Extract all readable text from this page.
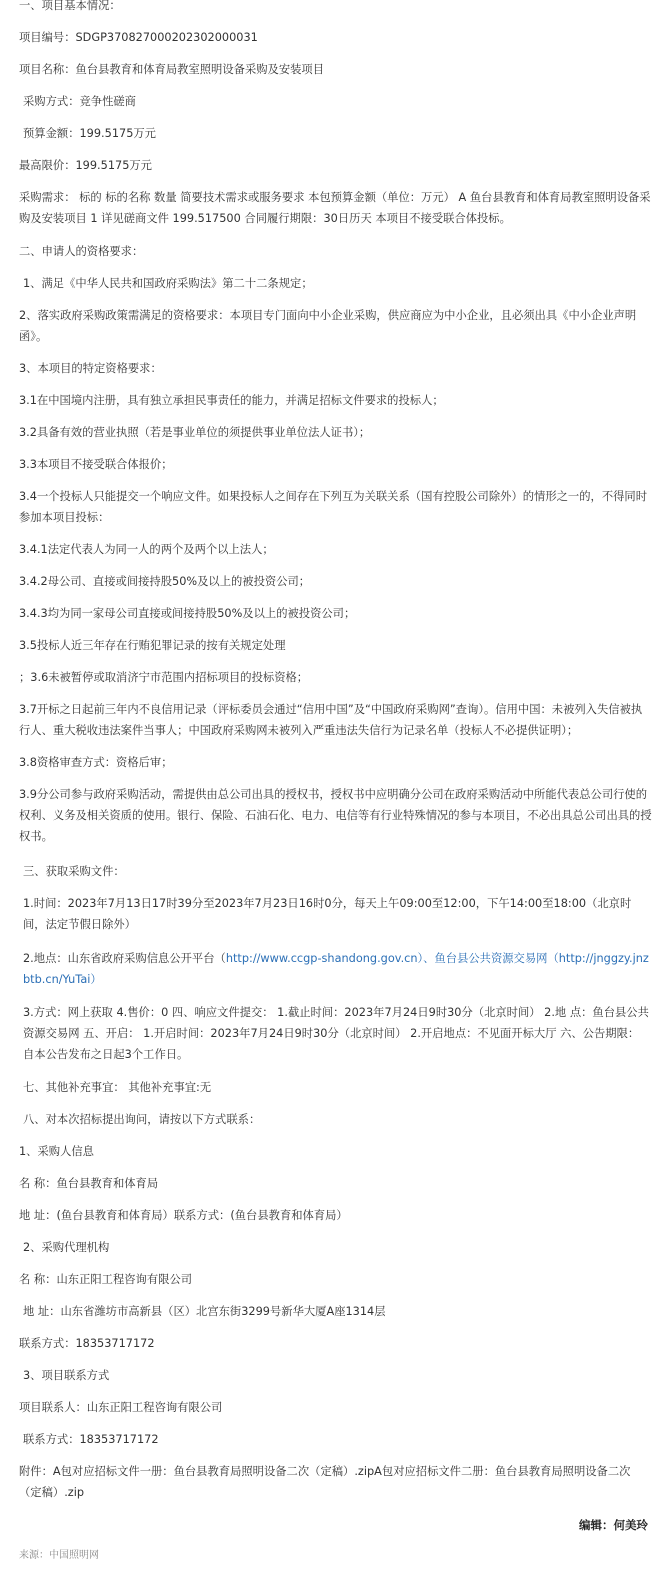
一、项目基本情况：

项目编号：SDGP370827000202302000031

项目名称：鱼台县教育和体育局教室照明设备采购及安装项目

采购方式：竞争性磋商

预算金额：199.5175万元

最高限价：199.5175万元

采购需求： 标的 标的名称 数量 简要技术需求或服务要求 本包预算金额（单位：万元） A 鱼台县教育和体育局教室照明设备采购及安装项目 1 详见磋商文件 199.517500 合同履行期限：30日历天 本项目不接受联合体投标。

二、申请人的资格要求：

1、满足《中华人民共和国政府采购法》第二十二条规定；

2、落实政府采购政策需满足的资格要求：本项目专门面向中小企业采购，供应商应为中小企业，且必须出具《中小企业声明函》。

3、本项目的特定资格要求：

3.1在中国境内注册，具有独立承担民事责任的能力，并满足招标文件要求的投标人；

3.2具备有效的营业执照（若是事业单位的须提供事业单位法人证书）；

3.3本项目不接受联合体报价；

3.4一个投标人只能提交一个响应文件。如果投标人之间存在下列互为关联关系（国有控股公司除外）的情形之一的，不得同时参加本项目投标：

3.4.1法定代表人为同一人的两个及两个以上法人；

3.4.2母公司、直接或间接持股50%及以上的被投资公司；

3.4.3均为同一家母公司直接或间接持股50%及以上的被投资公司；

3.5投标人近三年存在行贿犯罪记录的按有关规定处理

；3.6未被暂停或取消济宁市范围内招标项目的投标资格；

3.7开标之日起前三年内不良信用记录（评标委员会通过“信用中国”及“中国政府采购网”查询）。信用中国：未被列入失信被执行人、重大税收违法案件当事人；中国政府采购网未被列入严重违法失信行为记录名单（投标人不必提供证明）；

3.8资格审查方式：资格后审；

3.9分公司参与政府采购活动，需提供由总公司出具的授权书，授权书中应明确分公司在政府采购活动中所能代表总公司行使的权利、义务及相关资质的使用。银行、保险、石油石化、电力、电信等有行业特殊情况的参与本项目，不必出具总公司出具的授权书。

三、获取采购文件：

1.时间：2023年7月13日17时39分至2023年7月23日16时0分，每天上午09:00至12:00，下午14:00至18:00（北京时间，法定节假日除外）

2.地点：山东省政府采购信息公开平台（http://www.ccgp-shandong.gov.cn）、鱼台县公共资源交易网（http://jnggzy.jnzbtb.cn/YuTai）

3.方式：网上获取 4.售价：0 四、响应文件提交： 1.截止时间：2023年7月24日9时30分（北京时间） 2.地 点：鱼台县公共资源交易网 五、开启： 1.开启时间：2023年7月24日9时30分（北京时间） 2.开启地点：不见面开标大厅 六、公告期限： 自本公告发布之日起3个工作日。

七、其他补充事宜： 其他补充事宜:无

八、对本次招标提出询问，请按以下方式联系：

1、采购人信息

名 称：鱼台县教育和体育局

地 址：(鱼台县教育和体育局）联系方式：(鱼台县教育和体育局）

2、采购代理机构

名 称：山东正阳工程咨询有限公司

地 址：山东省潍坊市高新县（区）北宫东街3299号新华大厦A座1314层

联系方式：18353717172

3、项目联系方式

项目联系人：山东正阳工程咨询有限公司

联系方式：18353717172

附件：A包对应招标文件一册：鱼台县教育局照明设备二次（定稿）.zipA包对应招标文件二册：鱼台县教育局照明设备二次（定稿）.zip

编辑：何美玲
来源：中国照明网
